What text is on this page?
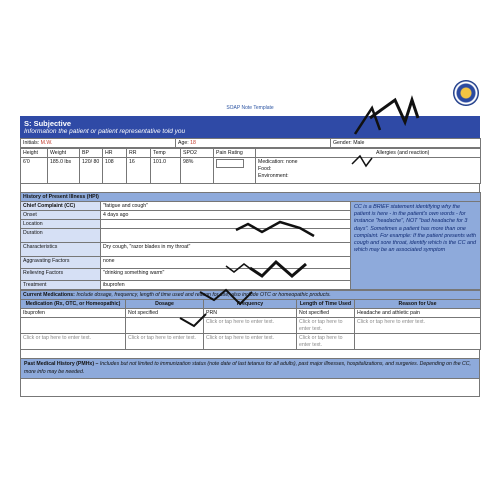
SOAP Note Template
S: Subjective
Information the patient or patient representative told you
Initials: M.W.	Age: 18	Gender: Male
Height	Weight	BP	HR	RR	Temp	SPO2	Pain Rating	Allergies (and reaction)
6'0	185.0 lbs	120/ 80	108	16	101.0	98%		Medication: none
Food:
Environment:
History of Present Illness (HPI)		
Chief Complaint (CC)	"fatigue and cough"	CC is a BRIEF statement identifying why the patient is here - in the patient's own words - for instance "headache", NOT "bad headache for 3 days". Sometimes a patient has more than one complaint. For example: If the patient presents with cough and sore throat, identify which is the CC and which may be an associated symptom
Onset	4 days ago	
Location		
Duration		
Characteristics	Dry cough, "razor blades in my throat"	
Aggravating Factors	none	
Relieving Factors	"drinking something warm"	
Treatment	ibuprofen	
Current Medications: Include dosage, frequency, length of time used and reason for use; also include OTC or homeopathic products.				
Medication (Rx, OTC, or Homeopathic)	Dosage	Frequency	Length of Time Used	Reason for Use
Ibuprofen	Not specified	PRN	Not specified	Headache and athletic pain
		Click or tap here to enter text.	Click or tap here to enter text.	Click or tap here to enter text.
Click or tap here to enter text.	Click or tap here to enter text.	Click or tap here to enter text.	Click or tap here to enter text.	
Past Medical History (PMHx) – Includes but not limited to immunization status (note date of last tetanus for all adults), past major illnesses, hospitalizations, and surgeries. Depending on the CC, more info may be needed.
